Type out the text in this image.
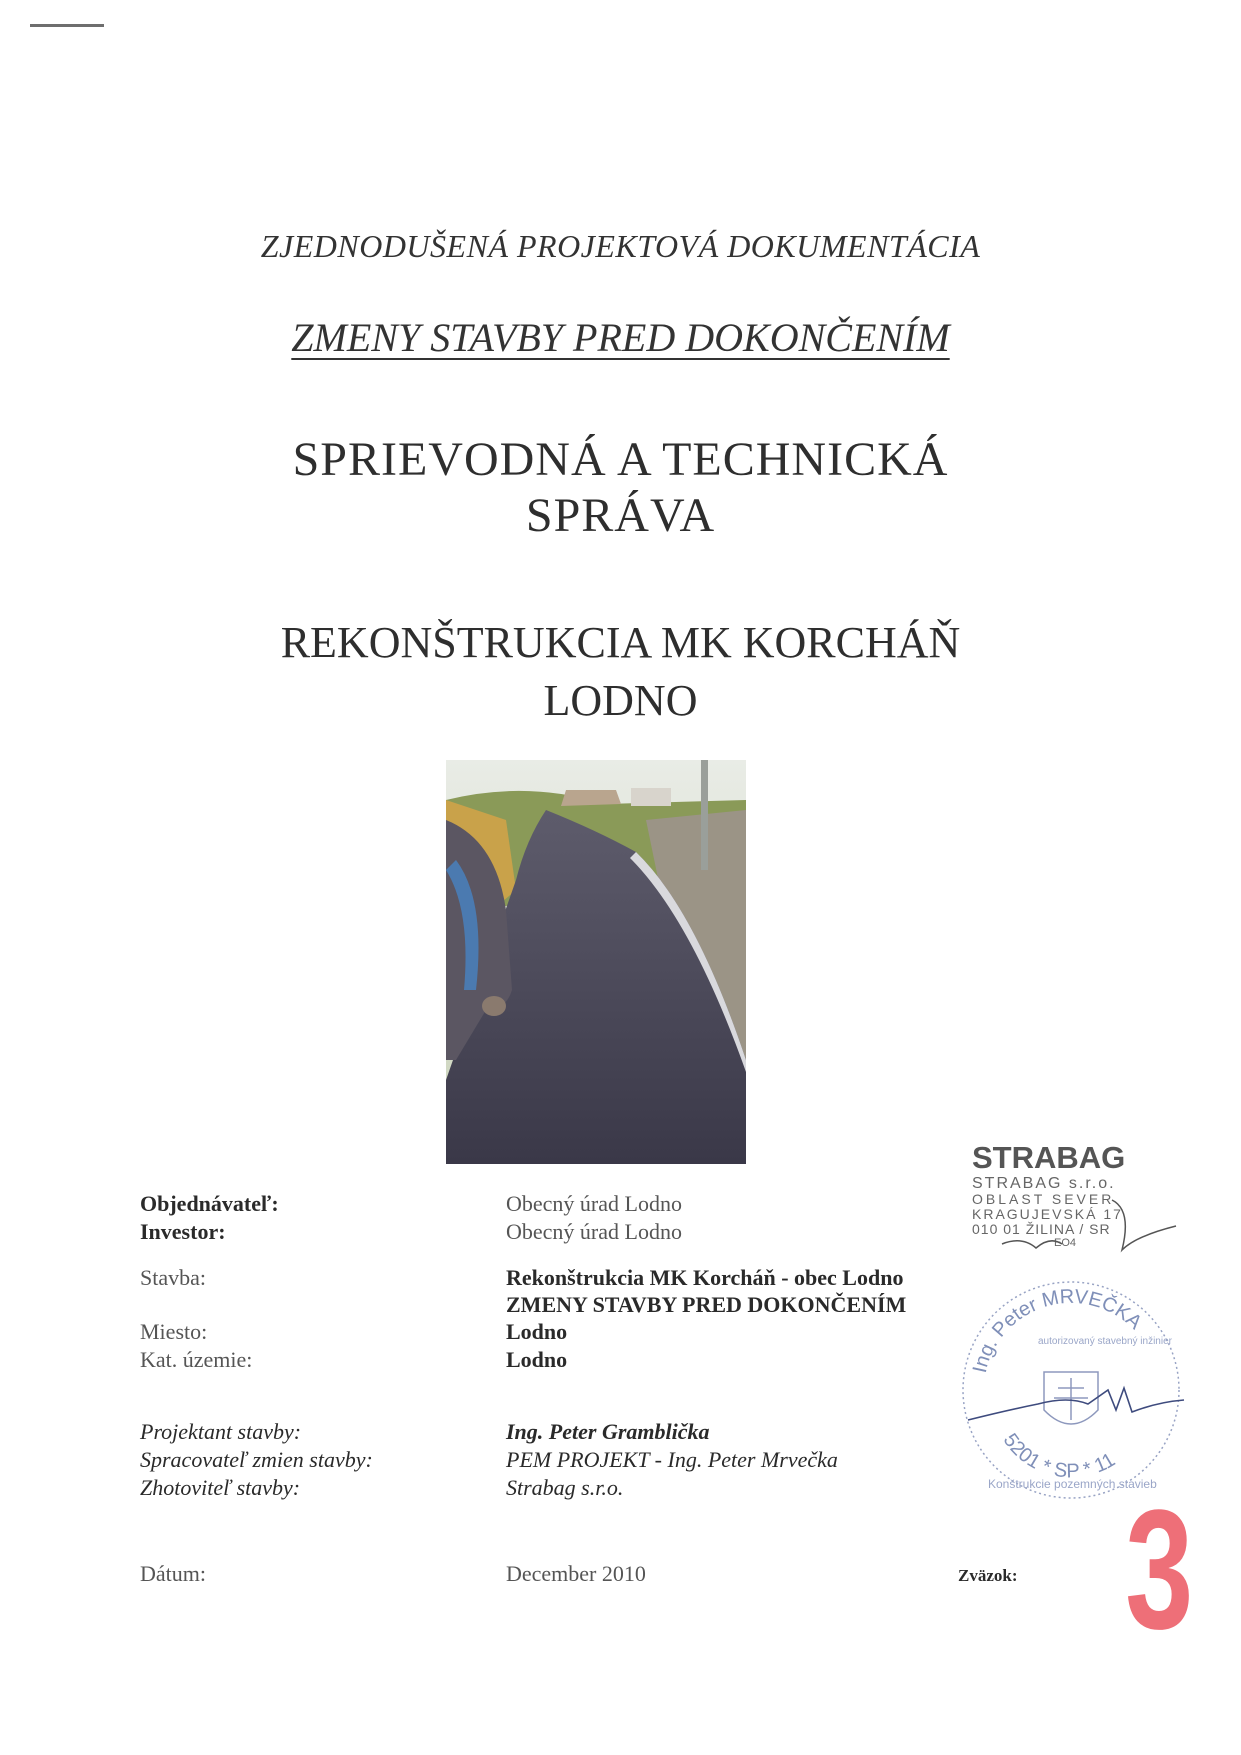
ZJEDNODUŠENÁ PROJEKTOVÁ DOKUMENTÁCIA
ZMENY STAVBY PRED DOKONČENÍM
SPRIEVODNÁ A TECHNICKÁ
SPRÁVA
REKONŠTRUKCIA MK KORCHÁŇ
LODNO
Objednávateľ:	Obecný úrad Lodno
Investor:	Obecný úrad Lodno
Stavba:	Rekonštrukcia MK Korcháň - obec Lodno
ZMENY STAVBY PRED DOKONČENÍM
Miesto:	Lodno
Kat. územie:	Lodno
Projektant stavby:	Ing. Peter Gramblička
Spracovateľ zmien stavby:	PEM PROJEKT - Ing. Peter Mrvečka
Zhotoviteľ stavby:	Strabag s.r.o.
Dátum:	December 2010	Zväzok:
STRABAG
STRABAG s.r.o.
OBLAST SEVER
KRAGUJEVSKÁ 17
010 01 ŽILINA / SR
EO4
Ing. Peter MRVEČKA
autorizovaný stavebný inžinier
5201 * SP * 11
Konštrukcie pozemných stavieb
3
